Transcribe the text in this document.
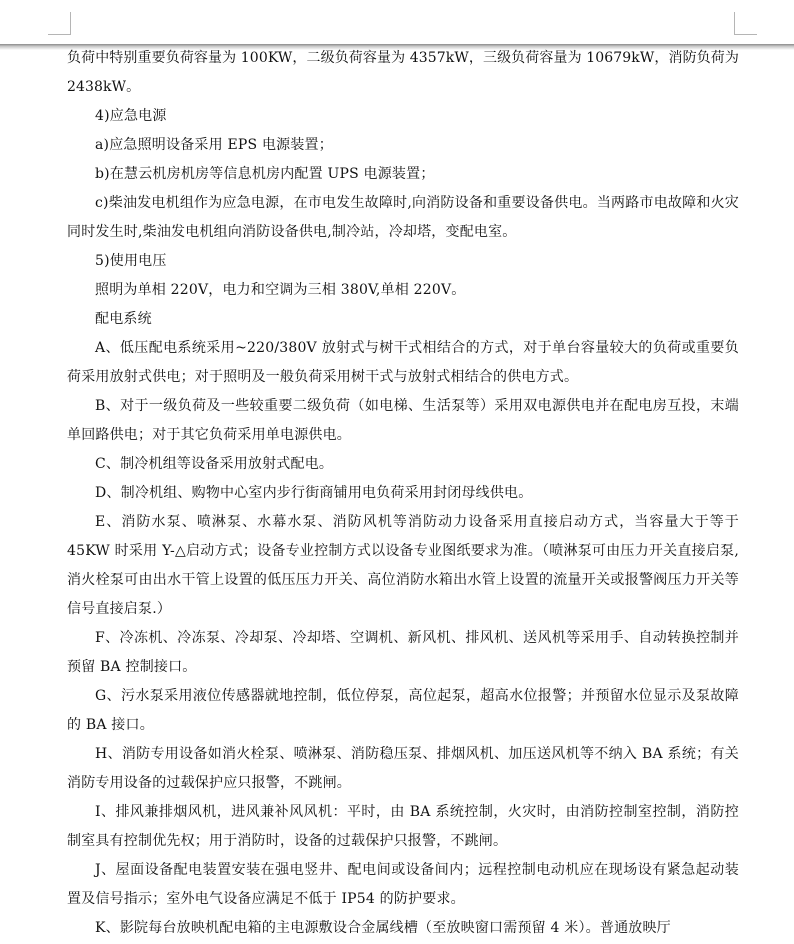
负荷中特别重要负荷容量为 100KW，二级负荷容量为 4357kW，三级负荷容量为 10679kW，消防负荷为 2438kW。

4)应急电源

a)应急照明设备采用 EPS 电源装置；

b)在慧云机房机房等信息机房内配置 UPS 电源装置；

c)柴油发电机组作为应急电源，在市电发生故障时,向消防设备和重要设备供电。当两路市电故障和火灾同时发生时,柴油发电机组向消防设备供电,制冷站，冷却塔，变配电室。

5)使用电压

照明为单相 220V，电力和空调为三相 380V,单相 220V。

配电系统

A、低压配电系统采用~220/380V 放射式与树干式相结合的方式，对于单台容量较大的负荷或重要负荷采用放射式供电；对于照明及一般负荷采用树干式与放射式相结合的供电方式。

B、对于一级负荷及一些较重要二级负荷（如电梯、生活泵等）采用双电源供电并在配电房互投，末端单回路供电；对于其它负荷采用单电源供电。

C、制冷机组等设备采用放射式配电。

D、制冷机组、购物中心室内步行街商铺用电负荷采用封闭母线供电。

E、消防水泵、喷淋泵、水幕水泵、消防风机等消防动力设备采用直接启动方式，当容量大于等于 45KW 时采用 Y-△启动方式；设备专业控制方式以设备专业图纸要求为准。（喷淋泵可由压力开关直接启泵,消火栓泵可由出水干管上设置的低压压力开关、高位消防水箱出水管上设置的流量开关或报警阀压力开关等信号直接启泵.）

F、冷冻机、冷冻泵、冷却泵、冷却塔、空调机、新风机、排风机、送风机等采用手、自动转换控制并预留 BA 控制接口。

G、污水泵采用液位传感器就地控制，低位停泵，高位起泵，超高水位报警；并预留水位显示及泵故障的 BA 接口。

H、消防专用设备如消火栓泵、喷淋泵、消防稳压泵、排烟风机、加压送风机等不纳入 BA 系统；有关消防专用设备的过载保护应只报警，不跳闸。

I、排风兼排烟风机，进风兼补风风机：平时，由 BA 系统控制，火灾时，由消防控制室控制，消防控制室具有控制优先权；用于消防时，设备的过载保护只报警，不跳闸。

J、屋面设备配电装置安装在强电竖井、配电间或设备间内；远程控制电动机应在现场设有紧急起动装置及信号指示；室外电气设备应满足不低于 IP54 的防护要求。

K、影院每台放映机配电箱的主电源敷设合金属线槽（至放映窗口需预留 4 米）。普通放映厅
